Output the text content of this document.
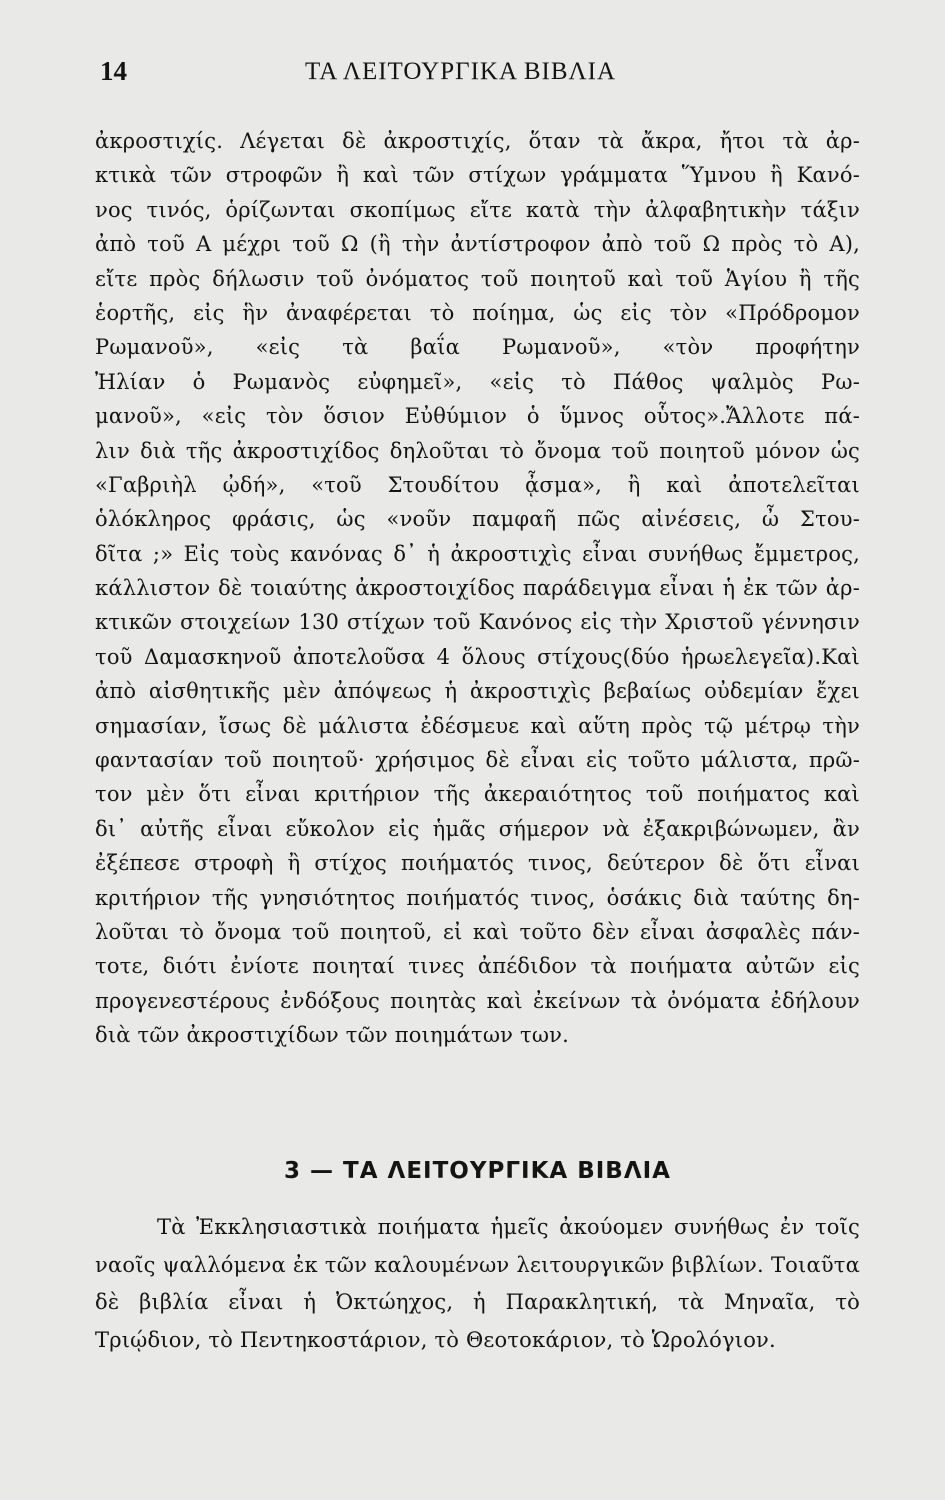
14	ΤΑ ΛΕΙΤΟΥΡΓΙΚΑ ΒΙΒΛΙΑ
ἀκροστιχίς. Λέγεται δὲ ἀκροστιχίς, ὅταν τὰ ἄκρα, ἤτοι τὰ ἀρ-
κτικὰ τῶν στροφῶν ἢ καὶ τῶν στίχων γράμματα Ὕμνου ἢ Κανό-
νος τινός, ὁρίζωνται σκοπίμως εἴτε κατὰ τὴν ἀλφαβητικὴν τάξιν
ἀπὸ τοῦ Α μέχρι τοῦ Ω (ἢ τὴν ἀντίστροφον ἀπὸ τοῦ Ω πρὸς τὸ Α),
εἴτε πρὸς δήλωσιν τοῦ ὀνόματος τοῦ ποιητοῦ καὶ τοῦ Ἁγίου ἢ τῆς
ἑορτῆς, εἰς ἣν ἀναφέρεται τὸ ποίημα, ὡς εἰς τὸν «Πρόδρομον
Ρωμανοῦ», «εἰς τὰ βαΐα Ρωμανοῦ», «τὸν προφήτην
Ἠλίαν ὁ Ρωμανὸς εὐφημεῖ», «εἰς τὸ Πάθος ψαλμὸς Ρω-
μανοῦ», «εἰς τὸν ὅσιον Εὐθύμιον ὁ ὕμνος οὗτος».Ἄλλοτε πά-
λιν διὰ τῆς ἀκροστιχίδος δηλοῦται τὸ ὄνομα τοῦ ποιητοῦ μόνον ὡς
«Γαβριὴλ ᾠδή», «τοῦ Στουδίτου ᾆσμα», ἢ καὶ ἀποτελεῖται
ὁλόκληρος φράσις, ὡς «νοῦν παμφαῆ πῶς αἰνέσεις, ὦ Στου-
δῖτα ;» Εἰς τοὺς κανόνας δ᾽ ἡ ἀκροστιχὶς εἶναι συνήθως ἔμμετρος,
κάλλιστον δὲ τοιαύτης ἀκροστοιχίδος παράδειγμα εἶναι ἡ ἐκ τῶν ἀρ-
κτικῶν στοιχείων 130 στίχων τοῦ Κανόνος εἰς τὴν Χριστοῦ γέννησιν
τοῦ Δαμασκηνοῦ ἀποτελοῦσα 4 ὅλους στίχους(δύο ἡρωελεγεῖα).Καὶ
ἀπὸ αἰσθητικῆς μὲν ἀπόψεως ἡ ἀκροστιχὶς βεβαίως οὐδεμίαν ἔχει
σημασίαν, ἴσως δὲ μάλιστα ἐδέσμευε καὶ αὕτη πρὸς τῷ μέτρῳ τὴν
φαντασίαν τοῦ ποιητοῦ· χρήσιμος δὲ εἶναι εἰς τοῦτο μάλιστα, πρῶ-
τον μὲν ὅτι εἶναι κριτήριον τῆς ἀκεραιότητος τοῦ ποιήματος καὶ
δι᾽ αὐτῆς εἶναι εὔκολον εἰς ἡμᾶς σήμερον νὰ ἐξακριβώνωμεν, ἂν
ἐξέπεσε στροφὴ ἢ στίχος ποιήματός τινος, δεύτερον δὲ ὅτι εἶναι
κριτήριον τῆς γνησιότητος ποιήματός τινος, ὁσάκις διὰ ταύτης δη-
λοῦται τὸ ὄνομα τοῦ ποιητοῦ, εἰ καὶ τοῦτο δὲν εἶναι ἀσφαλὲς πάν-
τοτε, διότι ἐνίοτε ποιηταί τινες ἀπέδιδον τὰ ποιήματα αὐτῶν εἰς
προγενεστέρους ἐνδόξους ποιητὰς καὶ ἐκείνων τὰ ὀνόματα ἐδήλουν
διὰ τῶν ἀκροστιχίδων τῶν ποιημάτων των.
3 — ΤΑ ΛΕΙΤΟΥΡΓΙΚΑ ΒΙΒΛΙΑ
Τὰ Ἐκκλησιαστικὰ ποιήματα ἡμεῖς ἀκούομεν συνήθως ἐν τοῖς
ναοῖς ψαλλόμενα ἐκ τῶν καλουμένων λειτουργικῶν βιβλίων. Τοιαῦτα
δὲ βιβλία εἶναι ἡ Ὀκτώηχος, ἡ Παρακλητική, τὰ Μηναῖα, τὸ
Τριῴδιον, τὸ Πεντηκοστάριον, τὸ Θεοτοκάριον, τὸ Ὡρολόγιον.
